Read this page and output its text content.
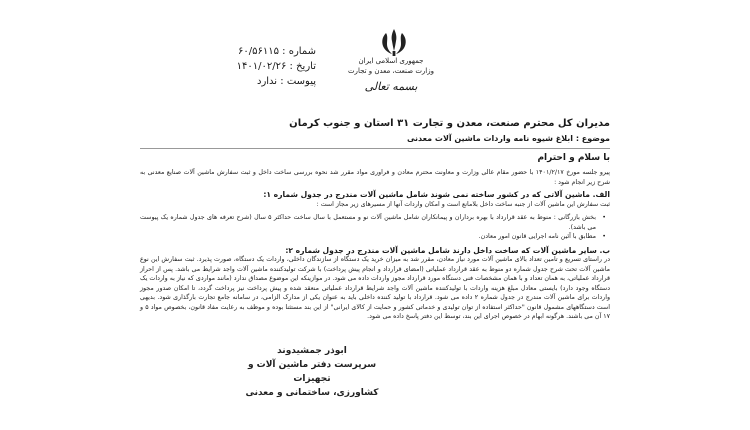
شماره : ۶۰/۵۶۱۱۵
تاریخ : ۱۴۰۱/۰۲/۲۶
پیوست : ندارد
جمهوری اسلامی ایران
وزارت صنعت، معدن و تجارت
بسمه تعالی
مدیران کل محترم صنعت، معدن و تجارت ۳۱ استان و جنوب کرمان
موضوع : ابلاغ شیوه نامه واردات ماشین آلات معدنی
با سلام و احترام

پیرو جلسه مورخ ۱۴۰۱/۲/۱۷ با حضور مقام عالی وزارت و معاونت محترم معادن و فراوری مواد مقرر شد نحوه بررسی ساخت داخل و ثبت سفارش ماشین آلات صنایع معدنی به شرح زیر انجام شود :

الف. ماشین آلاتی که در کشور ساخته نمی شوند شامل ماشین آلات مندرج در جدول شماره ۱:

ثبت سفارش این ماشین آلات از جنبه ساخت داخل بلامانع است و امکان واردات آنها از مسیرهای زیر مجاز است :

•
بخش بازرگانی : منوط به عقد قرارداد با بهره برداران و پیمانکاران شامل ماشین آلات نو و مستعمل با سال ساخت حداکثر ۵ سال (شرح تعرفه های جدول شماره یک پیوست می باشد).

•
مطابق با آئین نامه اجرایی قانون امور معادن.

ب. سایر ماشین آلات که ساخت داخل دارند شامل ماشین آلات مندرج در جدول شماره ۲:

در راستای تسریع و تامین تعداد بالای ماشین آلات مورد نیاز معادن، مقرر شد به میزان خرید یک دستگاه از سازندگان داخلی، واردات یک دستگاه، صورت پذیرد. ثبت سفارش این نوع ماشین آلات تحت شرح جدول شماره دو منوط به عقد قرارداد عملیاتی (امضای قرارداد و انجام پیش پرداخت) با شرکت تولیدکننده ماشین آلات واجد شرایط می باشد. پس از احراز قرارداد عملیاتی، به همان تعداد و با همان مشخصات فنی دستگاه مورد قرارداد مجوز واردات داده می شود. در موازینکه این موضوع مصداق ندارد (مانند مواردی که نیاز به واردات یک دستگاه وجود دارد) بایستی معادل مبلغ هزینه واردات با تولیدکننده ماشین آلات واجد شرایط قرارداد عملیاتی منعقد شده و پیش پرداخت نیز پرداخت گردد، تا امکان صدور مجوز واردات برای ماشین آلات مندرج در جدول شماره ۲ داده می شود. قرارداد با تولید کننده داخلی باید به عنوان یکی از مدارک الزامی، در سامانه جامع تجارت بارگذاری شود. بدیهی است دستگاههای مشمول قانون "حداکثر استفاده از توان تولیدی و خدماتی کشور و حمایت از کالای ایرانی" از این بند مستثنا بوده و موظف به رعایت مفاد قانون، بخصوص مواد ۵ و ۱۷ آن می باشند. هرگونه ابهام در خصوص اجرای این بند، توسط این دفتر پاسخ داده می شود.

ابوذر جمشیدوند
سرپرست دفتر ماشین آلات و تجهیزات
کشاورزی، ساختمانی و معدنی
